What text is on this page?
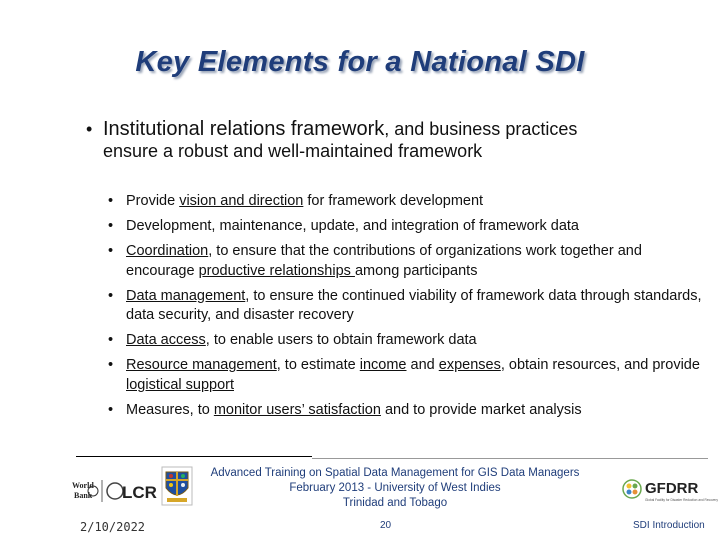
Key Elements for a National SDI
• Institutional relations framework, and business practices
ensure a robust and well-maintained framework
• Provide vision and direction for framework development
• Development, maintenance, update, and integration of framework data
• Coordination, to ensure that the contributions of organizations work together and encourage productive relationships among participants
• Data management, to ensure the continued viability of framework data through standards, data security, and disaster recovery
• Data access, to enable users to obtain framework data
• Resource management, to estimate income and expenses, obtain resources, and provide logistical support
• Measures, to monitor users’ satisfaction and to provide market analysis
World
Bank LCR
Advanced Training on Spatial Data Management for GIS Data Managers
February 2013 - University of West Indies
Trinidad and Tobago
GFDRR
Global Facility for Disaster Reduction and Recovery
2/10/2022	20	SDI Introduction
